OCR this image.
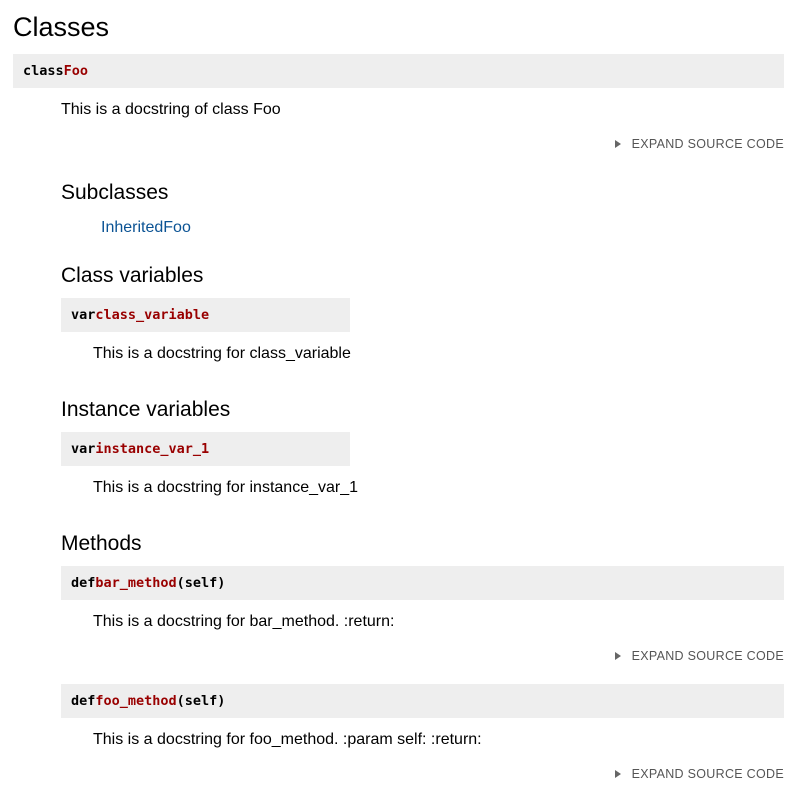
Classes
class Foo
This is a docstring of class Foo
EXPAND SOURCE CODE
Subclasses
InheritedFoo
Class variables
var class_variable
This is a docstring for class_variable
Instance variables
var instance_var_1
This is a docstring for instance_var_1
Methods
def bar_method (self)
This is a docstring for bar_method. :return:
EXPAND SOURCE CODE
def foo_method (self)
This is a docstring for foo_method. :param self: :return:
EXPAND SOURCE CODE
